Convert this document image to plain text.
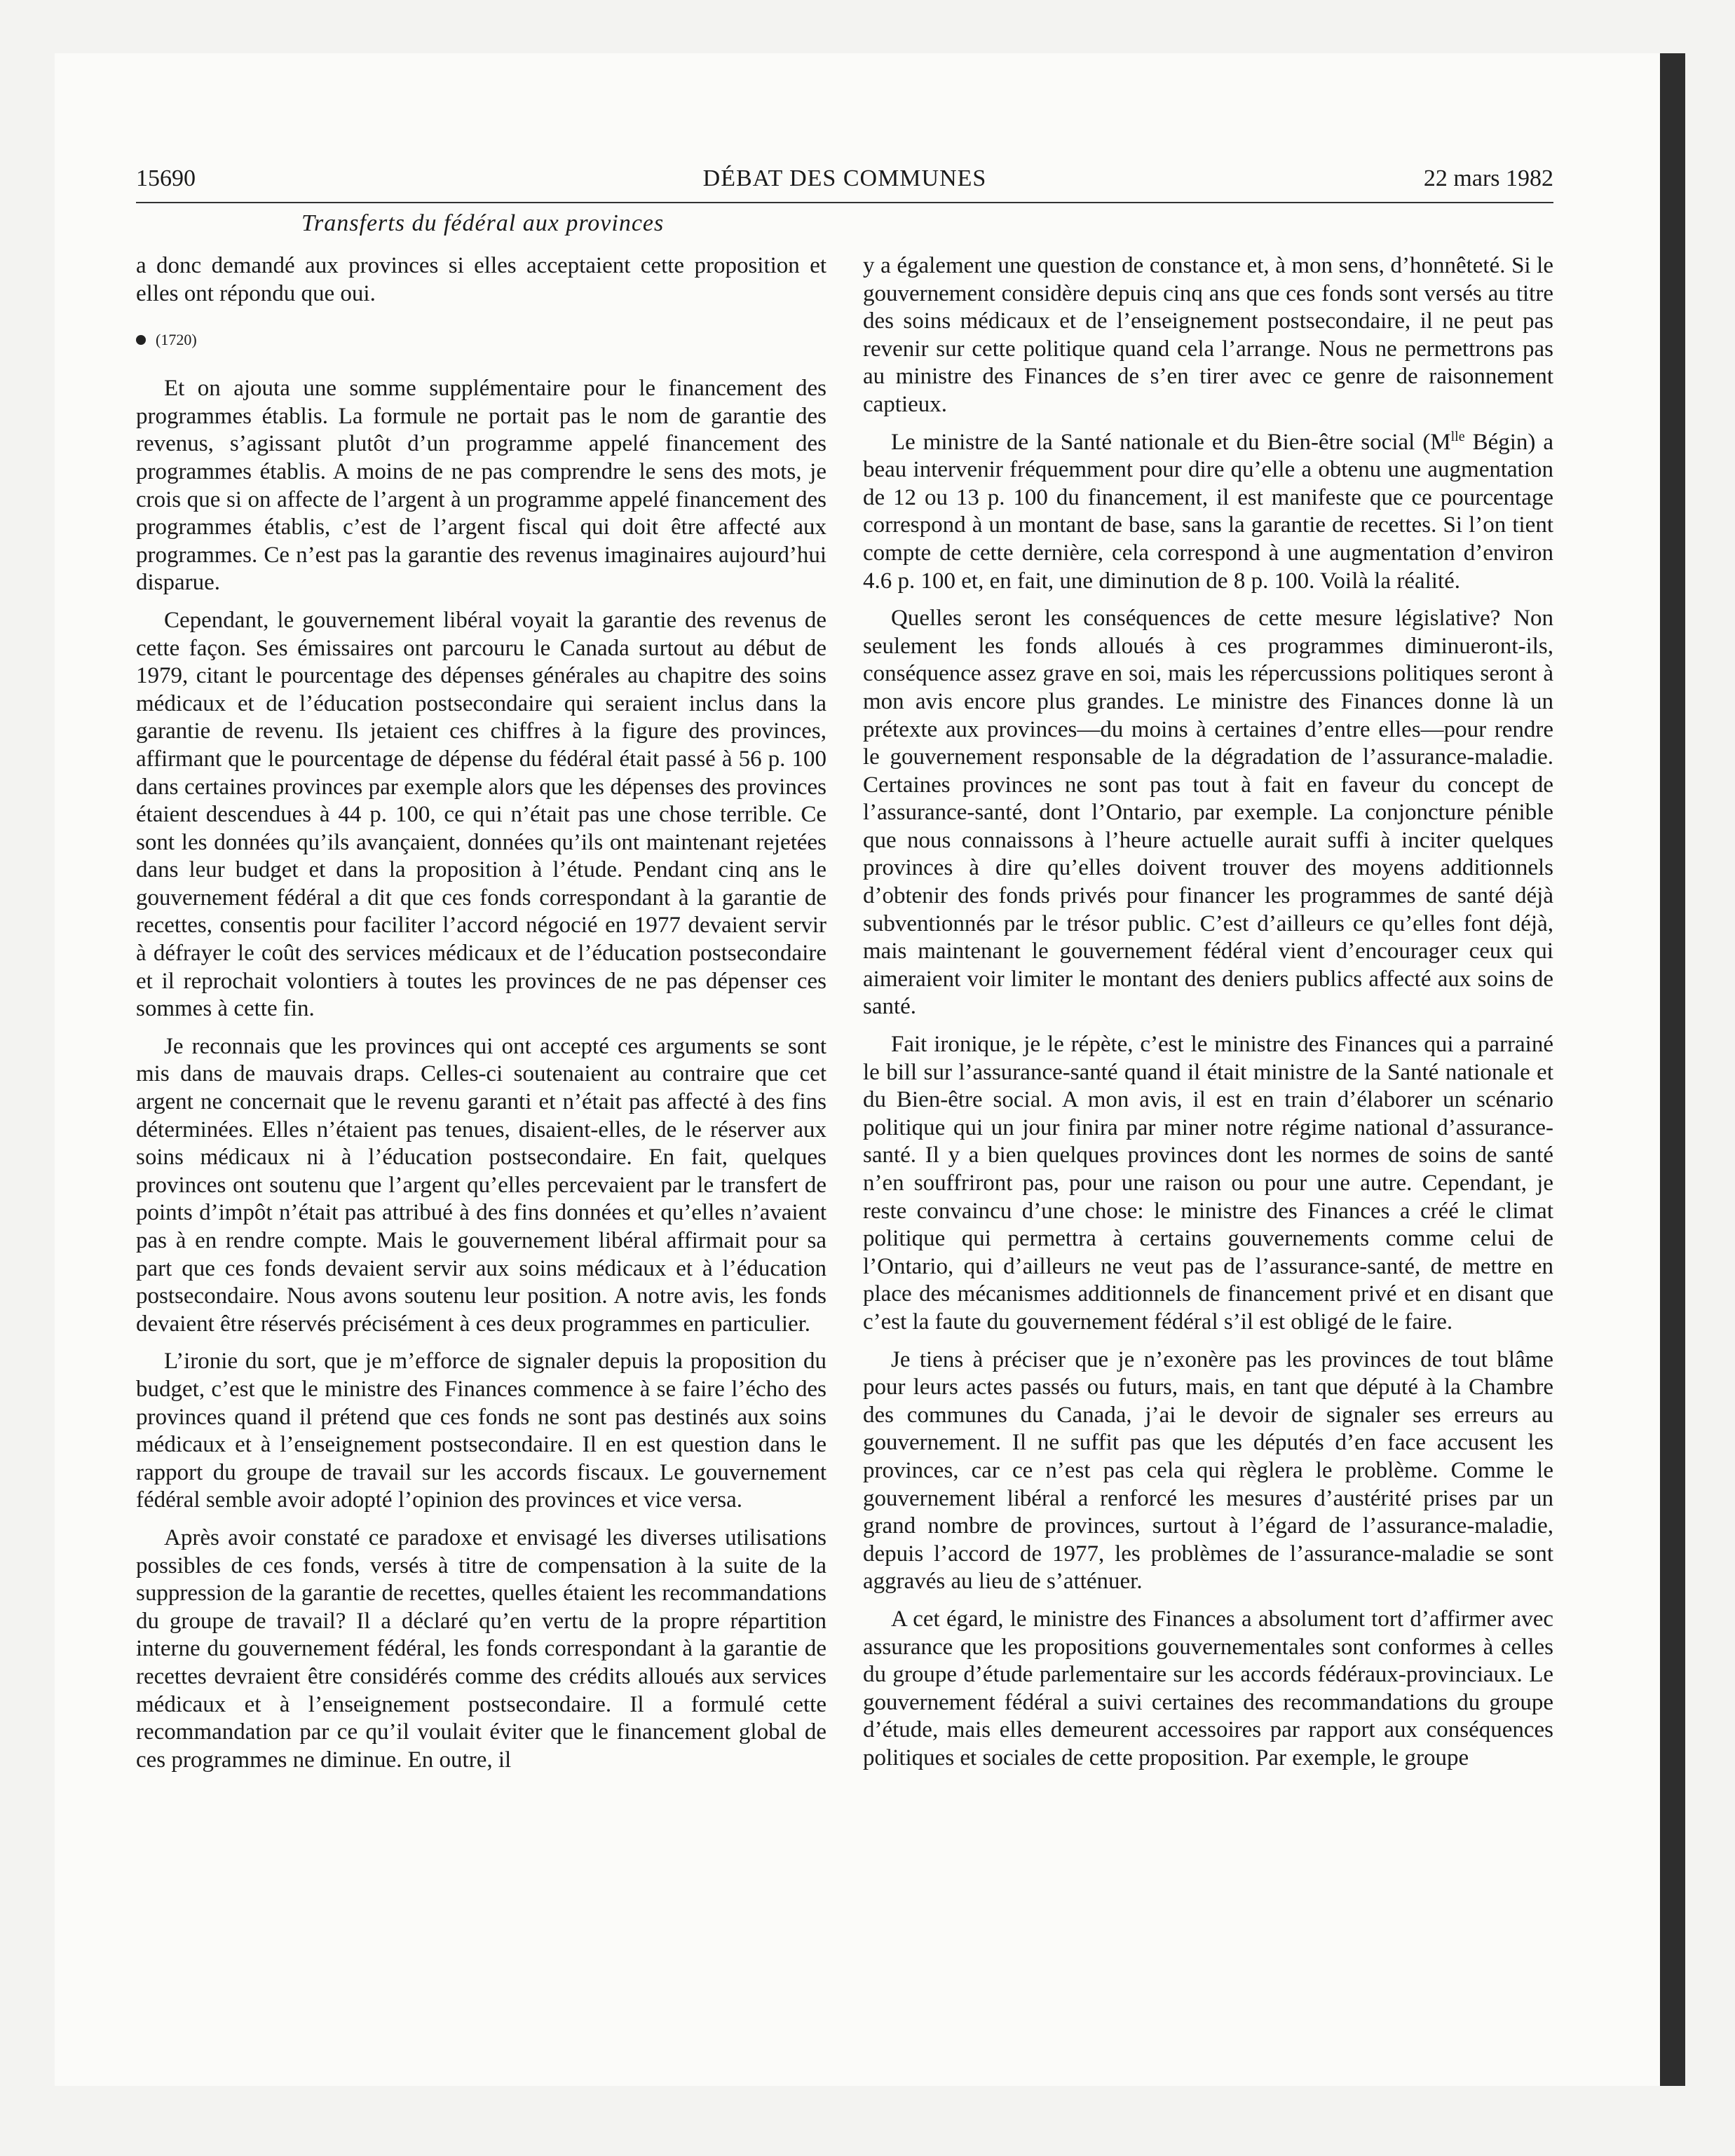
15690	DÉBAT DES COMMUNES	22 mars 1982
Transferts du fédéral aux provinces

a donc demandé aux provinces si elles acceptaient cette proposition et elles ont répondu que oui.

(1720)

Et on ajouta une somme supplémentaire pour le financement des programmes établis. La formule ne portait pas le nom de garantie des revenus, s’agissant plutôt d’un programme appelé financement des programmes établis. A moins de ne pas comprendre le sens des mots, je crois que si on affecte de l’argent à un programme appelé financement des programmes établis, c’est de l’argent fiscal qui doit être affecté aux programmes. Ce n’est pas la garantie des revenus imaginaires aujourd’hui disparue.

Cependant, le gouvernement libéral voyait la garantie des revenus de cette façon. Ses émissaires ont parcouru le Canada surtout au début de 1979, citant le pourcentage des dépenses générales au chapitre des soins médicaux et de l’éducation postsecondaire qui seraient inclus dans la garantie de revenu. Ils jetaient ces chiffres à la figure des provinces, affirmant que le pourcentage de dépense du fédéral était passé à 56 p. 100 dans certaines provinces par exemple alors que les dépenses des provinces étaient descendues à 44 p. 100, ce qui n’était pas une chose terrible. Ce sont les données qu’ils avançaient, données qu’ils ont maintenant rejetées dans leur budget et dans la proposition à l’étude. Pendant cinq ans le gouvernement fédéral a dit que ces fonds correspondant à la garantie de recettes, consentis pour faciliter l’accord négocié en 1977 devaient servir à défrayer le coût des services médicaux et de l’éducation postsecondaire et il reprochait volontiers à toutes les provinces de ne pas dépenser ces sommes à cette fin.

Je reconnais que les provinces qui ont accepté ces arguments se sont mis dans de mauvais draps. Celles-ci soutenaient au contraire que cet argent ne concernait que le revenu garanti et n’était pas affecté à des fins déterminées. Elles n’étaient pas tenues, disaient-elles, de le réserver aux soins médicaux ni à l’éducation postsecondaire. En fait, quelques provinces ont soutenu que l’argent qu’elles percevaient par le transfert de points d’impôt n’était pas attribué à des fins données et qu’elles n’avaient pas à en rendre compte. Mais le gouvernement libéral affirmait pour sa part que ces fonds devaient servir aux soins médicaux et à l’éducation postsecondaire. Nous avons soutenu leur position. A notre avis, les fonds devaient être réservés précisément à ces deux programmes en particulier.

L’ironie du sort, que je m’efforce de signaler depuis la proposition du budget, c’est que le ministre des Finances commence à se faire l’écho des provinces quand il prétend que ces fonds ne sont pas destinés aux soins médicaux et à l’enseignement postsecondaire. Il en est question dans le rapport du groupe de travail sur les accords fiscaux. Le gouvernement fédéral semble avoir adopté l’opinion des provinces et vice versa.

Après avoir constaté ce paradoxe et envisagé les diverses utilisations possibles de ces fonds, versés à titre de compensation à la suite de la suppression de la garantie de recettes, quelles étaient les recommandations du groupe de travail? Il a déclaré qu’en vertu de la propre répartition interne du gouvernement fédéral, les fonds correspondant à la garantie de recettes devraient être considérés comme des crédits alloués aux services médicaux et à l’enseignement postsecondaire. Il a formulé cette recommandation par ce qu’il voulait éviter que le financement global de ces programmes ne diminue. En outre, il

y a également une question de constance et, à mon sens, d’honnêteté. Si le gouvernement considère depuis cinq ans que ces fonds sont versés au titre des soins médicaux et de l’enseignement postsecondaire, il ne peut pas revenir sur cette politique quand cela l’arrange. Nous ne permettrons pas au ministre des Finances de s’en tirer avec ce genre de raisonnement captieux.

Le ministre de la Santé nationale et du Bien-être social ($M^{lle}$ Bégin) a beau intervenir fréquemment pour dire qu’elle a obtenu une augmentation de 12 ou 13 p. 100 du financement, il est manifeste que ce pourcentage correspond à un montant de base, sans la garantie de recettes. Si l’on tient compte de cette dernière, cela correspond à une augmentation d’environ 4.6 p. 100 et, en fait, une diminution de 8 p. 100. Voilà la réalité.

Quelles seront les conséquences de cette mesure législative? Non seulement les fonds alloués à ces programmes diminueront-ils, conséquence assez grave en soi, mais les répercussions politiques seront à mon avis encore plus grandes. Le ministre des Finances donne là un prétexte aux provinces—du moins à certaines d’entre elles—pour rendre le gouvernement responsable de la dégradation de l’assurance-maladie. Certaines provinces ne sont pas tout à fait en faveur du concept de l’assurance-santé, dont l’Ontario, par exemple. La conjoncture pénible que nous connaissons à l’heure actuelle aurait suffi à inciter quelques provinces à dire qu’elles doivent trouver des moyens additionnels d’obtenir des fonds privés pour financer les programmes de santé déjà subventionnés par le trésor public. C’est d’ailleurs ce qu’elles font déjà, mais maintenant le gouvernement fédéral vient d’encourager ceux qui aimeraient voir limiter le montant des deniers publics affecté aux soins de santé.

Fait ironique, je le répète, c’est le ministre des Finances qui a parrainé le bill sur l’assurance-santé quand il était ministre de la Santé nationale et du Bien-être social. A mon avis, il est en train d’élaborer un scénario politique qui un jour finira par miner notre régime national d’assurance-santé. Il y a bien quelques provinces dont les normes de soins de santé n’en souffriront pas, pour une raison ou pour une autre. Cependant, je reste convaincu d’une chose: le ministre des Finances a créé le climat politique qui permettra à certains gouvernements comme celui de l’Ontario, qui d’ailleurs ne veut pas de l’assurance-santé, de mettre en place des mécanismes additionnels de financement privé et en disant que c’est la faute du gouvernement fédéral s’il est obligé de le faire.

Je tiens à préciser que je n’exonère pas les provinces de tout blâme pour leurs actes passés ou futurs, mais, en tant que député à la Chambre des communes du Canada, j’ai le devoir de signaler ses erreurs au gouvernement. Il ne suffit pas que les députés d’en face accusent les provinces, car ce n’est pas cela qui règlera le problème. Comme le gouvernement libéral a renforcé les mesures d’austérité prises par un grand nombre de provinces, surtout à l’égard de l’assurance-maladie, depuis l’accord de 1977, les problèmes de l’assurance-maladie se sont aggravés au lieu de s’atténuer.

A cet égard, le ministre des Finances a absolument tort d’affirmer avec assurance que les propositions gouvernementales sont conformes à celles du groupe d’étude parlementaire sur les accords fédéraux-provinciaux. Le gouvernement fédéral a suivi certaines des recommandations du groupe d’étude, mais elles demeurent accessoires par rapport aux conséquences politiques et sociales de cette proposition. Par exemple, le groupe
